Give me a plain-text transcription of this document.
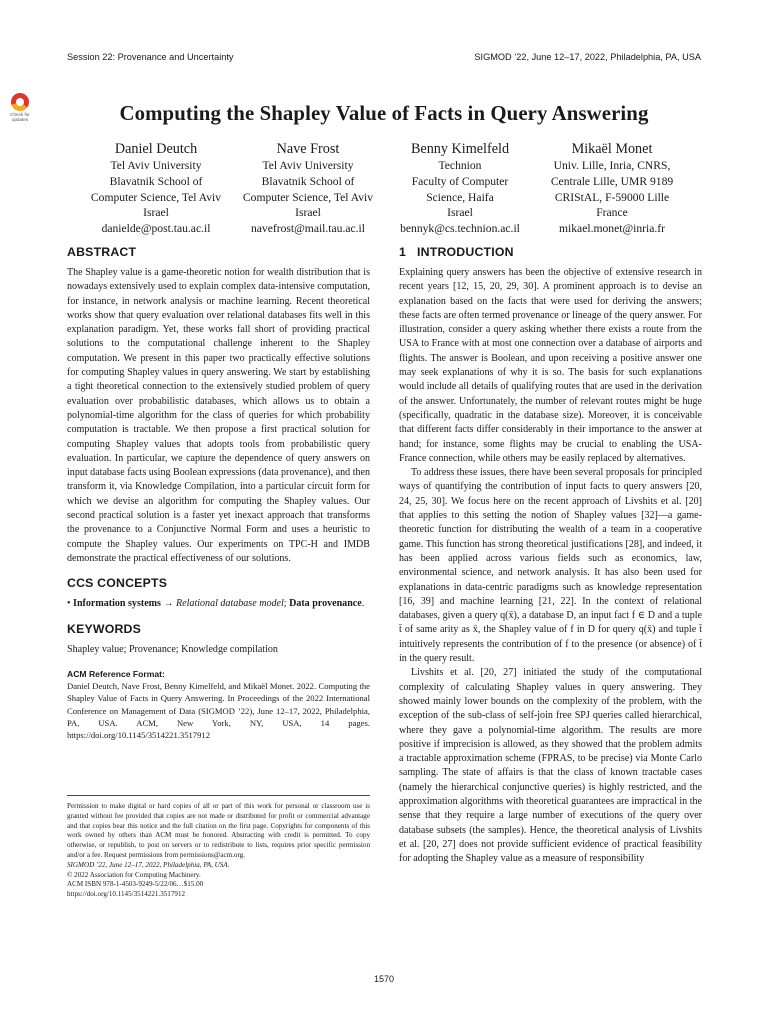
Session 22: Provenance and Uncertainty	SIGMOD ’22, June 12–17, 2022, Philadelphia, PA, USA
Check for updates	Computing the Shapley Value of Facts in Query Answering
Daniel Deutch
Tel Aviv University
Blavatnik School of
Computer Science, Tel Aviv
Israel
danielde@post.tau.ac.il
Nave Frost
Tel Aviv University
Blavatnik School of
Computer Science, Tel Aviv
Israel
navefrost@mail.tau.ac.il
Benny Kimelfeld
Technion
Faculty of Computer
Science, Haifa
Israel
bennyk@cs.technion.ac.il
Mikaël Monet
Univ. Lille, Inria, CNRS,
Centrale Lille, UMR 9189
CRIStAL, F-59000 Lille
France
mikael.monet@inria.fr
ABSTRACT

The Shapley value is a game-theoretic notion for wealth distribution that is nowadays extensively used to explain complex data-intensive computation, for instance, in network analysis or machine learning. Recent theoretical works show that query evaluation over relational databases fits well in this explanation paradigm. Yet, these works fall short of providing practical solutions to the computational challenge inherent to the Shapley computation. We present in this paper two practically effective solutions for computing Shapley values in query answering. We start by establishing a tight theoretical connection to the extensively studied problem of query evaluation over probabilistic databases, which allows us to obtain a polynomial-time algorithm for the class of queries for which probability computation is tractable. We then propose a first practical solution for computing Shapley values that adopts tools from probabilistic query evaluation. In particular, we capture the dependence of query answers on input database facts using Boolean expressions (data provenance), and then transform it, via Knowledge Compilation, into a particular circuit form for which we devise an algorithm for computing the Shapley values. Our second practical solution is a faster yet inexact approach that transforms the provenance to a Conjunctive Normal Form and uses a heuristic to compute the Shapley values. Our experiments on TPC-H and IMDB demonstrate the practical effectiveness of our solutions.

CCS CONCEPTS

• Information systems → Relational database model; Data provenance.

KEYWORDS

Shapley value; Provenance; Knowledge compilation

ACM Reference Format:
Daniel Deutch, Nave Frost, Benny Kimelfeld, and Mikaël Monet. 2022. Computing the Shapley Value of Facts in Query Answering. In Proceedings of the 2022 International Conference on Management of Data (SIGMOD ’22), June 12–17, 2022, Philadelphia, PA, USA. ACM, New York, NY, USA, 14 pages. https://doi.org/10.1145/3514221.3517912

Permission to make digital or hard copies of all or part of this work for personal or classroom use is granted without fee provided that copies are not made or distributed for profit or commercial advantage and that copies bear this notice and the full citation on the first page. Copyrights for components of this work owned by others than ACM must be honored. Abstracting with credit is permitted. To copy otherwise, or republish, to post on servers or to redistribute to lists, requires prior specific permission and/or a fee. Request permissions from permissions@acm.org.

SIGMOD ’22, June 12–17, 2022, Philadelphia, PA, USA.

© 2022 Association for Computing Machinery.

ACM ISBN 978-1-4503-9249-5/22/06…$15.00

https://doi.org/10.1145/3514221.3517912

1 INTRODUCTION

Explaining query answers has been the objective of extensive research in recent years [12, 15, 20, 29, 30]. A prominent approach is to devise an explanation based on the facts that were used for deriving the answers; these facts are often termed provenance or lineage of the query answer. For illustration, consider a query asking whether there exists a route from the USA to France with at most one connection over a database of airports and flights. The answer is Boolean, and upon receiving a positive answer one may seek explanations of why it is so. The basis for such explanations would include all details of qualifying routes that are used in the derivation of the answer. Unfortunately, the number of relevant routes might be huge (specifically, quadratic in the database size). Moreover, it is conceivable that different facts differ considerably in their importance to the answer at hand; for instance, some flights may be crucial to enabling the USA-France connection, while others may be easily replaced by alternatives.

To address these issues, there have been several proposals for principled ways of quantifying the contribution of input facts to query answers [20, 24, 25, 30]. We focus here on the recent approach of Livshits et al. [20] that applies to this setting the notion of Shapley values [32]—a game-theoretic function for distributing the wealth of a team in a cooperative game. This function has strong theoretical justifications [28], and indeed, it has been applied across various fields such as economics, law, environmental science, and network analysis. It has also been used for explanations in data-centric paradigms such as knowledge representation [16, 39] and machine learning [21, 22]. In the context of relational databases, given a query q(x̄), a database D, an input fact f ∈ D and a tuple t̄ of same arity as x̄, the Shapley value of f in D for query q(x̄) and tuple t̄ intuitively represents the contribution of f to the presence (or absence) of t̄ in the query result.

Livshits et al. [20, 27] initiated the study of the computational complexity of calculating Shapley values in query answering. They showed mainly lower bounds on the complexity of the problem, with the exception of the sub-class of self-join free SPJ queries called hierarchical, where they gave a polynomial-time algorithm. The results are more positive if imprecision is allowed, as they showed that the problem admits a tractable approximation scheme (FPRAS, to be precise) via Monte Carlo sampling. The state of affairs is that the class of known tractable cases (namely the hierarchical conjunctive queries) is highly restricted, and the approximation algorithms with theoretical guarantees are impractical in the sense that they require a large number of executions of the query over database subsets (the samples). Hence, the theoretical analysis of Livshits et al. [20, 27] does not provide sufficient evidence of practical feasibility for adopting the Shapley value as a measure of responsibility

1570
